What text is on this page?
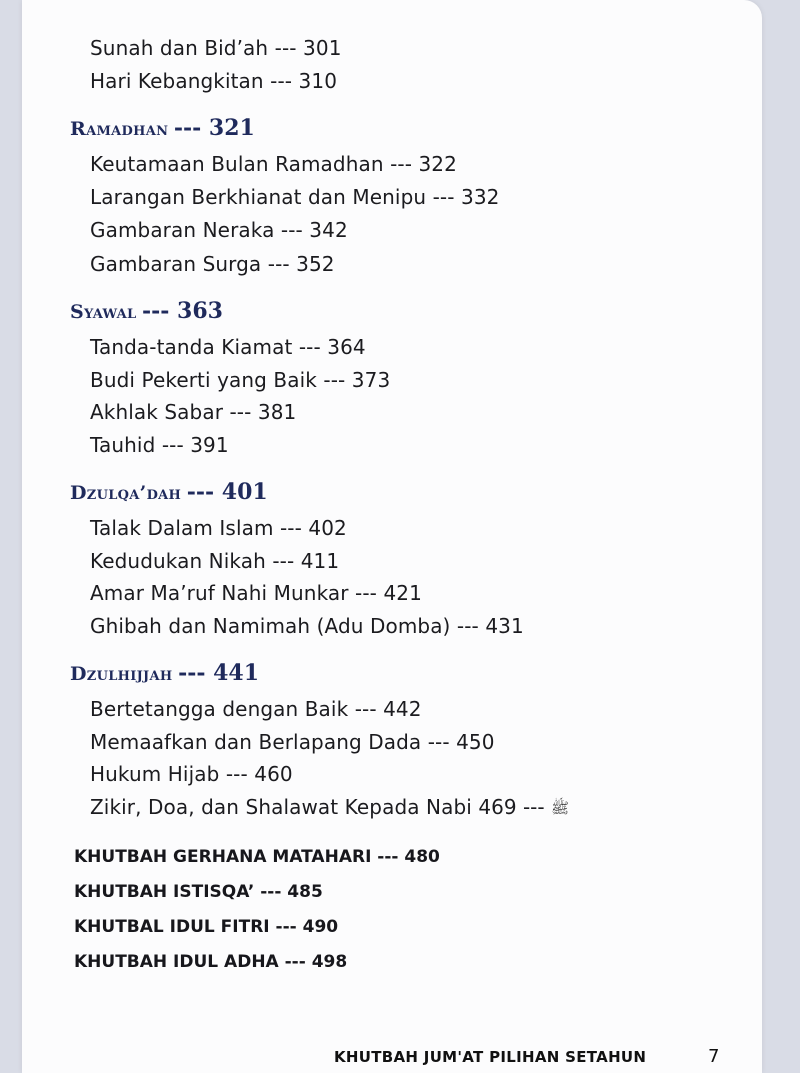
Sunah dan Bid’ah --- 301
Hari Kebangkitan --- 310
Ramadhan --- 321
Keutamaan Bulan Ramadhan --- 322
Larangan Berkhianat dan Menipu --- 332
Gambaran Neraka --- 342
Gambaran Surga --- 352
Syawal --- 363
Tanda-tanda Kiamat --- 364
Budi Pekerti yang Baik --- 373
Akhlak Sabar --- 381
Tauhid --- 391
Dzulqa’dah --- 401
Talak Dalam Islam --- 402
Kedudukan Nikah --- 411
Amar Ma’ruf Nahi Munkar --- 421
Ghibah dan Namimah (Adu Domba) --- 431
Dzulhijjah --- 441
Bertetangga dengan Baik --- 442
Memaafkan dan Berlapang Dada --- 450
Hukum Hijab --- 460
Zikir, Doa, dan Shalawat Kepada Nabi	ﷺ --- 469
KHUTBAH GERHANA MATAHARI --- 480
KHUTBAH ISTISQA’ --- 485
KHUTBAL IDUL FITRI --- 490
KHUTBAH IDUL ADHA --- 498
KHUTBAH JUM'AT PILIHAN SETAHUN	7
